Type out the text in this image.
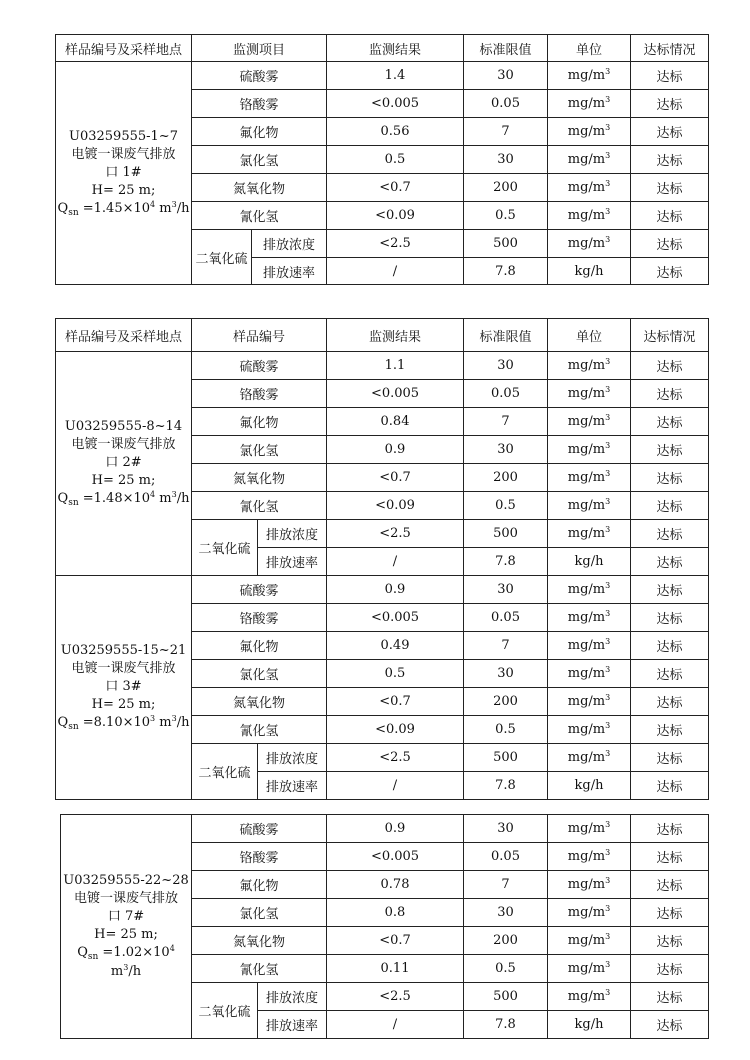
样品编号及采样地点	监测项目		监测结果	标准限值	单位	达标情况

U03259555-1~7
电镀一课废气排放
口 1#
H= 25 m;
$Q_{sn} =1.45\times 10^4$ $m^3/h$	硫酸雾		1.4	30	$mg/m^3$	达标
	铬酸雾		<0.005	0.05	$mg/m^3$	达标
	氟化物		0.56	7	$mg/m^3$	达标
	氯化氢		0.5	30	$mg/m^3$	达标
	氮氧化物		<0.7	200	$mg/m^3$	达标
	氰化氢		<0.09	0.5	$mg/m^3$	达标
	二氧化硫	排放浓度	<2.5	500	$mg/m^3$	达标
		排放速率	/	7.8	kg/h	达标
样品编号及采样地点	样品编号		监测结果	标准限值	单位	达标情况

U03259555-8~14
电镀一课废气排放
口 2#
H= 25 m;
$Q_{sn} =1.48\times 10^4$ $m^3/h$	硫酸雾		1.1	30	$mg/m^3$	达标
	铬酸雾		<0.005	0.05	$mg/m^3$	达标
	氟化物		0.84	7	$mg/m^3$	达标
	氯化氢		0.9	30	$mg/m^3$	达标
	氮氧化物		<0.7	200	$mg/m^3$	达标
	氰化氢		<0.09	0.5	$mg/m^3$	达标
	二氧化硫	排放浓度	<2.5	500	$mg/m^3$	达标
		排放速率	/	7.8	kg/h	达标

U03259555-15~21
电镀一课废气排放
口 3#
H= 25 m;
$Q_{sn} =8.10\times 10^3$ $m^3/h$	硫酸雾		0.9	30	$mg/m^3$	达标
	铬酸雾		<0.005	0.05	$mg/m^3$	达标
	氟化物		0.49	7	$mg/m^3$	达标
	氯化氢		0.5	30	$mg/m^3$	达标
	氮氧化物		<0.7	200	$mg/m^3$	达标
	氰化氢		<0.09	0.5	$mg/m^3$	达标
	二氧化硫	排放浓度	<2.5	500	$mg/m^3$	达标
		排放速率	/	7.8	kg/h	达标
U03259555-22~28
电镀一课废气排放
口 7#
H= 25 m;
$Q_{sn} =1.02\times 10^4$ $m^3/h$	硫酸雾		0.9	30	$mg/m^3$	达标
	铬酸雾		<0.005	0.05	$mg/m^3$	达标
	氟化物		0.78	7	$mg/m^3$	达标
	氯化氢		0.8	30	$mg/m^3$	达标
	氮氧化物		<0.7	200	$mg/m^3$	达标
	氰化氢		0.11	0.5	$mg/m^3$	达标
	二氧化硫	排放浓度	<2.5	500	$mg/m^3$	达标
		排放速率	/	7.8	kg/h	达标
